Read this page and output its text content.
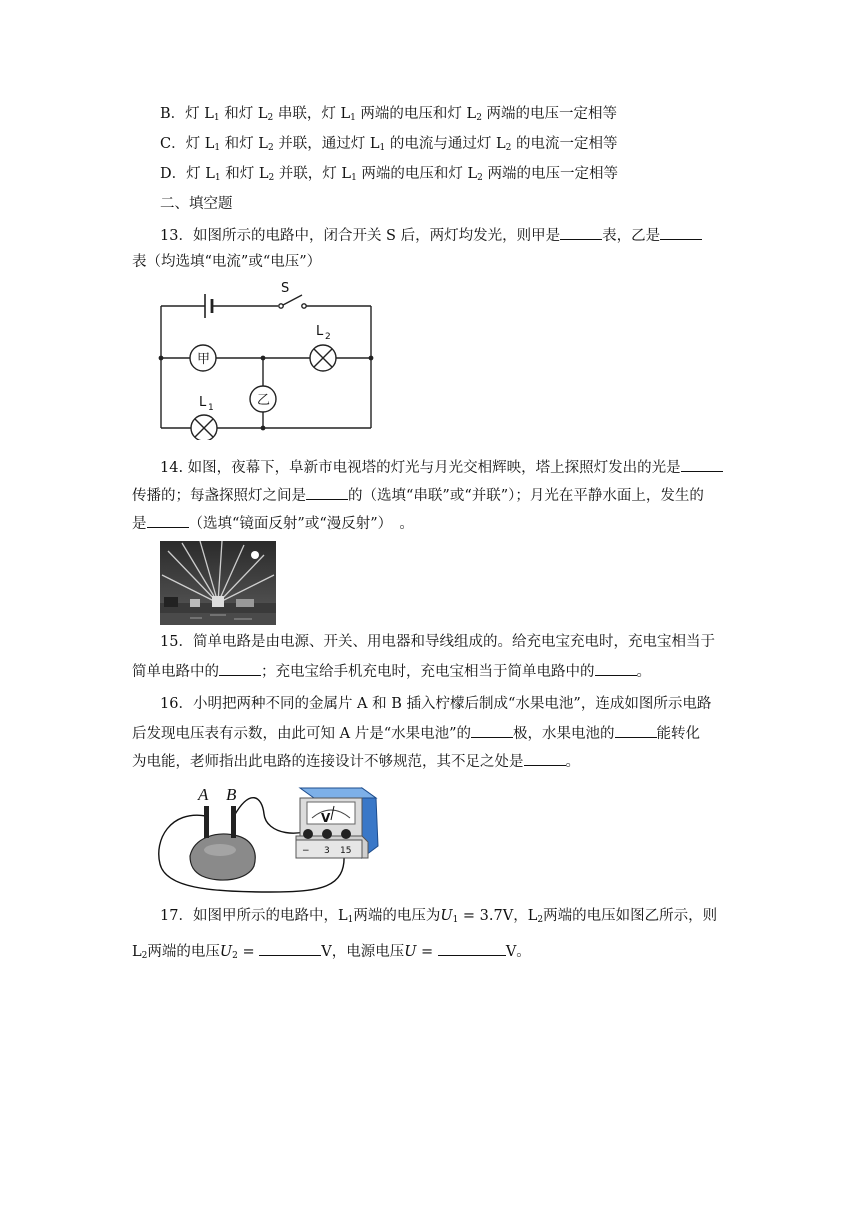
B．灯 $L_1$ 和灯 $L_2$ 串联，灯 $L_1$ 两端的电压和灯 $L_2$ 两端的电压一定相等
C．灯 $L_1$ 和灯 $L_2$ 并联，通过灯 $L_1$ 的电流与通过灯 $L_2$ 的电流一定相等
D．灯 $L_1$ 和灯 $L_2$ 并联，灯 $L_1$ 两端的电压和灯 $L_2$ 两端的电压一定相等
二、填空题
13．如图所示的电路中，闭合开关 S 后，两灯均发光，则甲是	表，乙是
表（均选填“电流”或“电压”）
S
甲
乙
L 2
L 1
14. 如图，夜幕下，阜新市电视塔的灯光与月光交相辉映，塔上探照灯发出的光是
传播的；每盏探照灯之间是	的（选填“串联”或“并联”）；月光在平静水面上，发生的
是	（选填“镜面反射”或“漫反射”）　。
15．简单电路是由电源、开关、用电器和导线组成的。给充电宝充电时，充电宝相当于
简单电路中的	；充电宝给手机充电时，充电宝相当于简单电路中的	。
16．小明把两种不同的金属片 A 和 B 插入柠檬后制成“水果电池”，连成如图所示电路
后发现电压表有示数，由此可知 A 片是“水果电池”的	极，水果电池的	能转化
为电能，老师指出此电路的连接设计不够规范，其不足之处是	。
A B
V
− 3 15
17．如图甲所示的电路中，$L_1$两端的电压为$U_1 = 3.7V$，$L_2$两端的电压如图乙所示，则
$L_2$两端的电压$U_2$ =	V，电源电压U =	V。
